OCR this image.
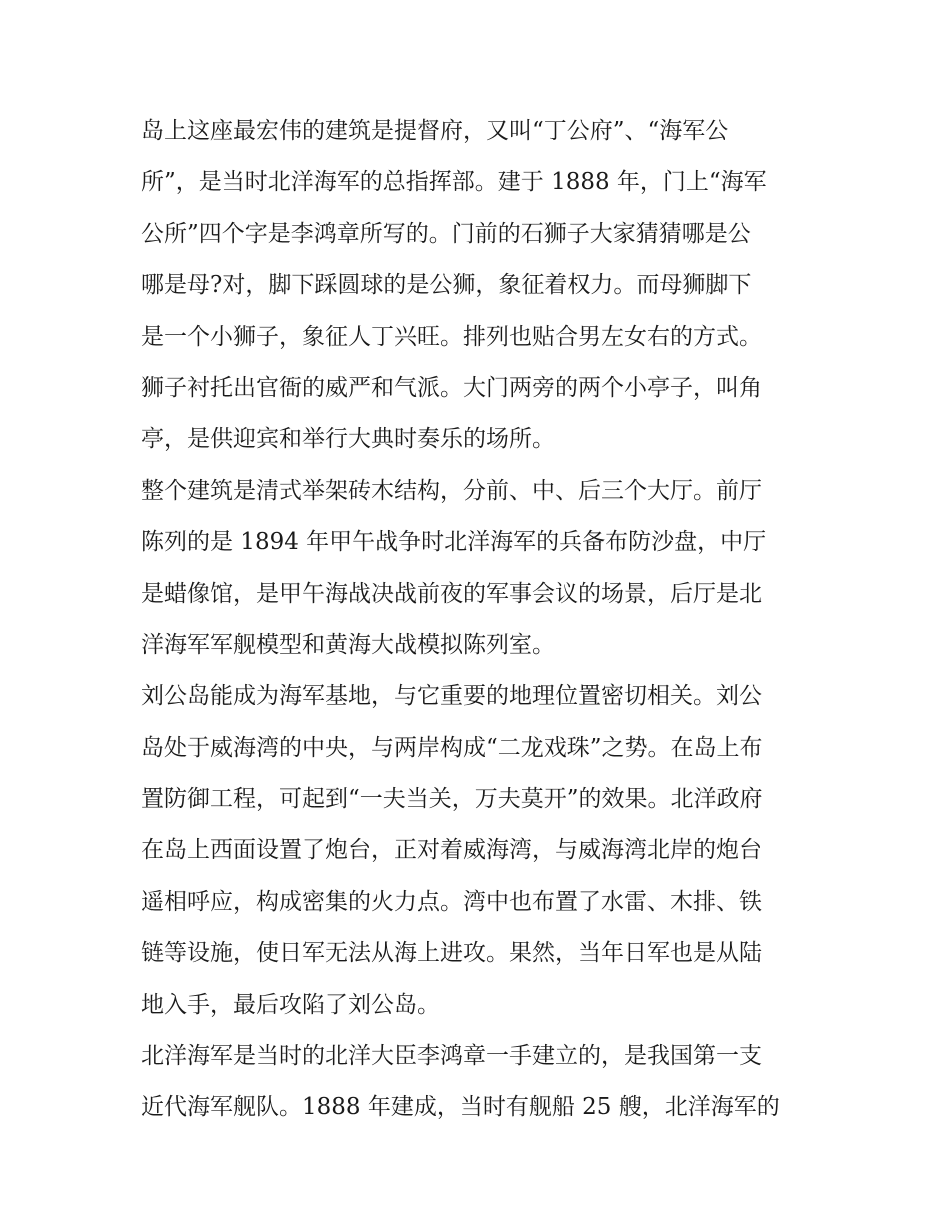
岛上这座最宏伟的建筑是提督府，又叫“丁公府”、“海军公
所”，是当时北洋海军的总指挥部。建于 1888 年，门上“海军
公所”四个字是李鸿章所写的。门前的石狮子大家猜猜哪是公
哪是母?对，脚下踩圆球的是公狮，象征着权力。而母狮脚下
是一个小狮子，象征人丁兴旺。排列也贴合男左女右的方式。
狮子衬托出官衙的威严和气派。大门两旁的两个小亭子，叫角
亭，是供迎宾和举行大典时奏乐的场所。
整个建筑是清式举架砖木结构，分前、中、后三个大厅。前厅
陈列的是 1894 年甲午战争时北洋海军的兵备布防沙盘，中厅
是蜡像馆，是甲午海战决战前夜的军事会议的场景，后厅是北
洋海军军舰模型和黄海大战模拟陈列室。
刘公岛能成为海军基地，与它重要的地理位置密切相关。刘公
岛处于威海湾的中央，与两岸构成“二龙戏珠”之势。在岛上布
置防御工程，可起到“一夫当关，万夫莫开”的效果。北洋政府
在岛上西面设置了炮台，正对着威海湾，与威海湾北岸的炮台
遥相呼应，构成密集的火力点。湾中也布置了水雷、木排、铁
链等设施，使日军无法从海上进攻。果然，当年日军也是从陆
地入手，最后攻陷了刘公岛。
北洋海军是当时的北洋大臣李鸿章一手建立的，是我国第一支
近代海军舰队。1888 年建成，当时有舰船 25 艘，北洋海军的
